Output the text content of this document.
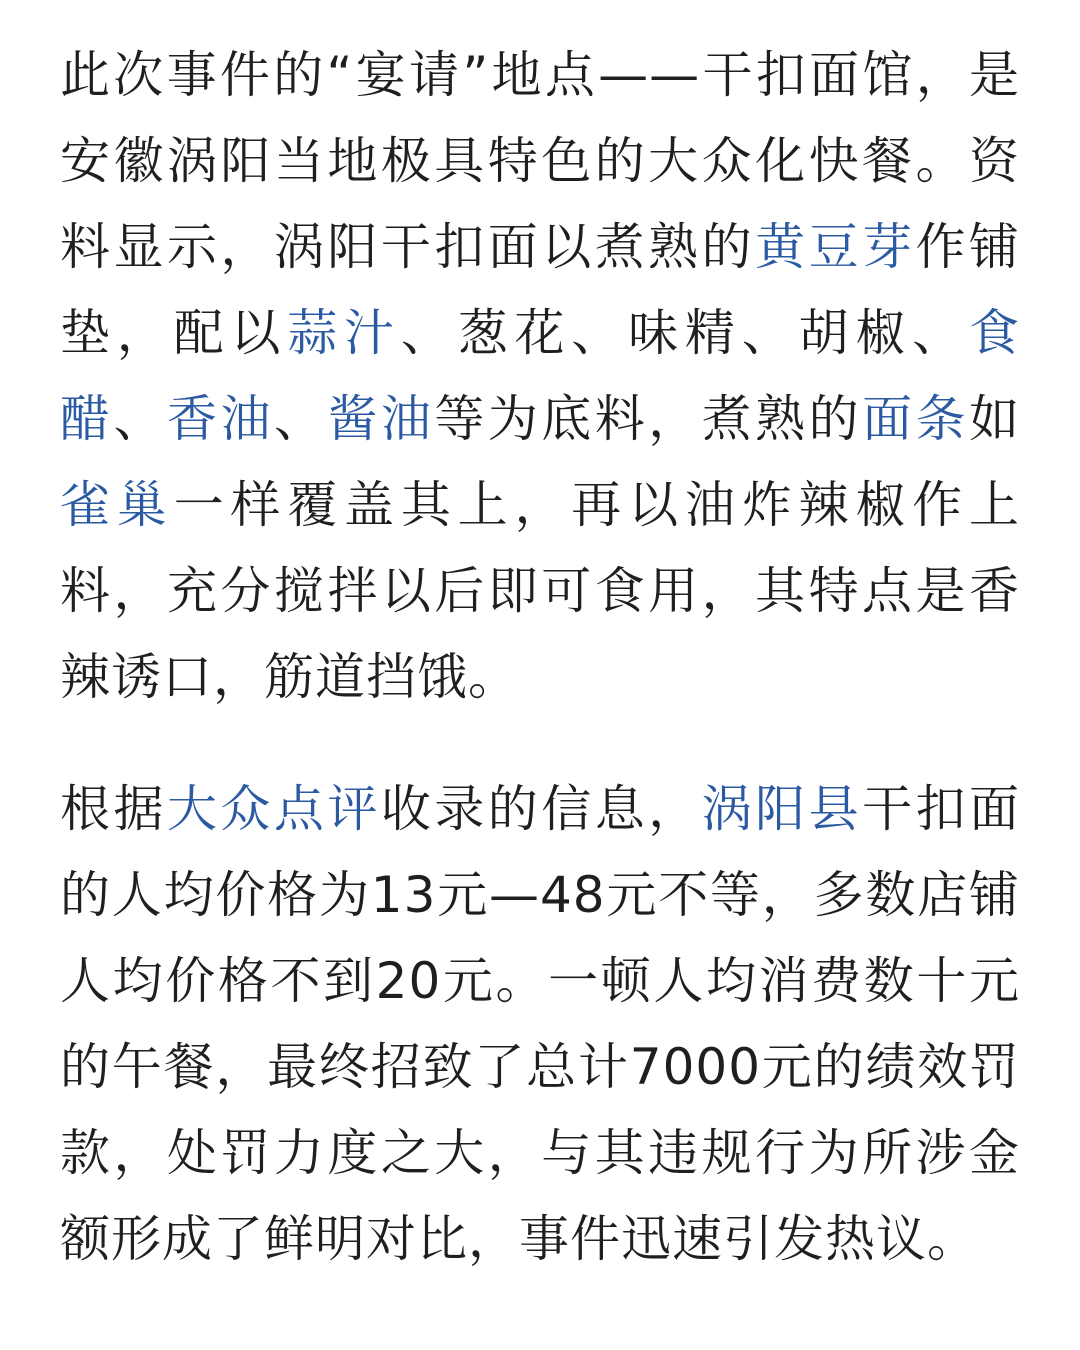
此次事件的“宴请”地点——干扣面馆，是安徽涡阳当地极具特色的大众化快餐。资料显示，涡阳干扣面以煮熟的黄豆芽作铺垫，配以蒜汁、葱花、味精、胡椒、食醋、香油、酱油等为底料，煮熟的面条如雀巢一样覆盖其上，再以油炸辣椒作上料，充分搅拌以后即可食用，其特点是香辣诱口，筋道挡饿。

根据大众点评收录的信息，涡阳县干扣面的人均价格为13元—48元不等，多数店铺人均价格不到20元。一顿人均消费数十元的午餐，最终招致了总计7000元的绩效罚款，处罚力度之大，与其违规行为所涉金额形成了鲜明对比，事件迅速引发热议。
